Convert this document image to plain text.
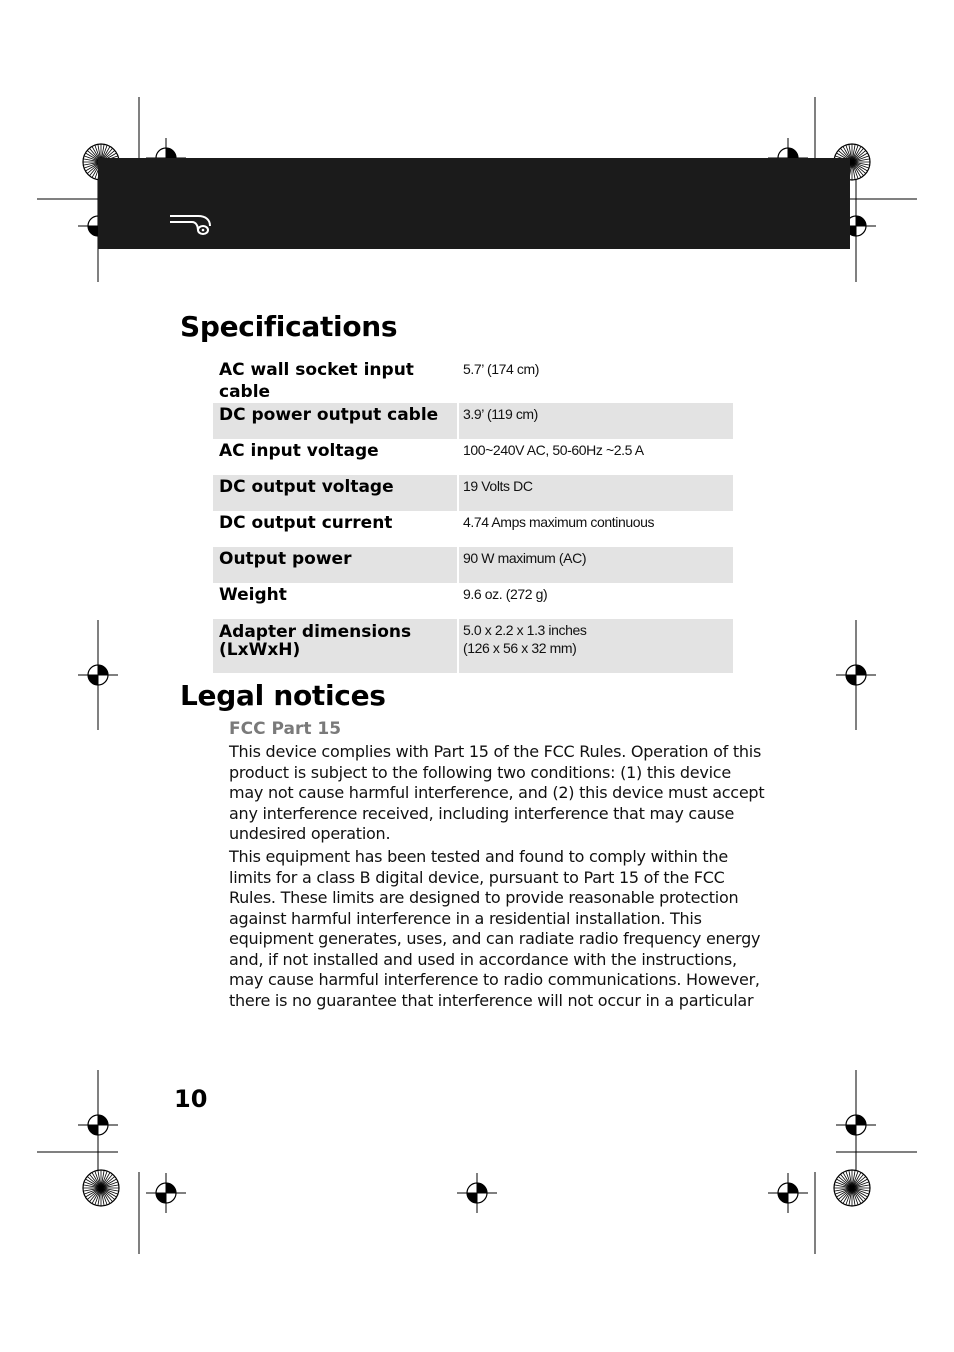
Specifications
AC wall socket input cable	5.7’ (174 cm)

DC power output cable	3.9’ (119 cm)

AC input voltage	100~240V AC, 50-60Hz ~2.5 A

DC output voltage	19 Volts DC

DC output current	4.74 Amps maximum continuous

Output power	90 W maximum (AC)

Weight	9.6 oz. (272 g)

Adapter dimensions (LxWxH)	5.0 x 2.2 x 1.3 inches
(126 x 56 x 32 mm)
Legal notices
FCC Part 15

This device complies with Part 15 of the FCC Rules. Operation of this product is subject to the following two conditions: (1) this device may not cause harmful interference, and (2) this device must accept any interference received, including interference that may cause undesired operation.

This equipment has been tested and found to comply within the limits for a class B digital device, pursuant to Part 15 of the FCC Rules. These limits are designed to provide reasonable protection against harmful interference in a residential installation. This equipment generates, uses, and can radiate radio frequency energy and, if not installed and used in accordance with the instructions, may cause harmful interference to radio communications. However, there is no guarantee that interference will not occur in a particular

10
